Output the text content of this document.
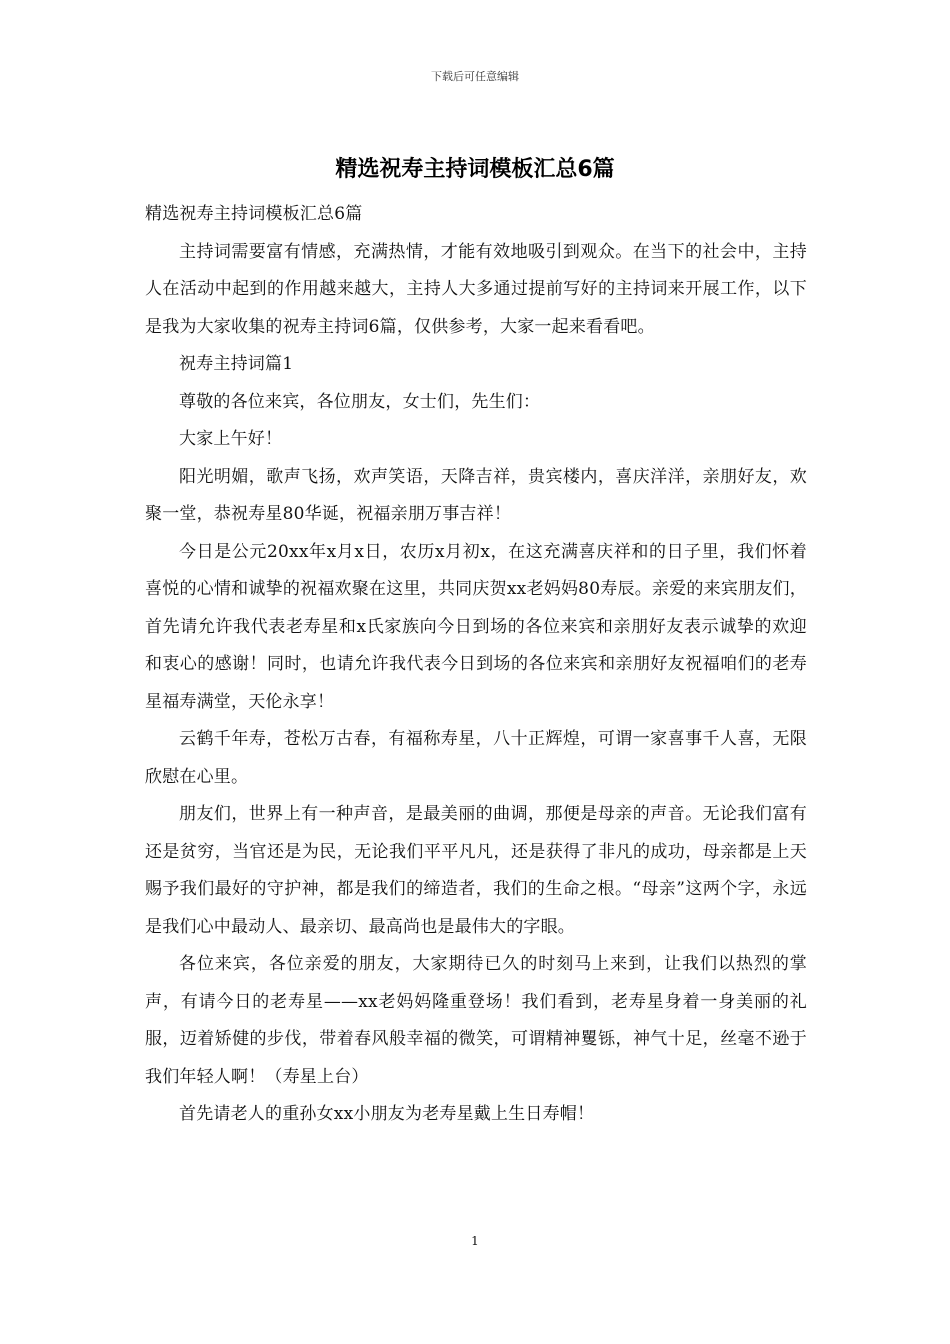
下载后可任意编辑
精选祝寿主持词模板汇总6篇

精选祝寿主持词模板汇总6篇

主持词需要富有情感，充满热情，才能有效地吸引到观众。在当下的社会中，主持人在活动中起到的作用越来越大，主持人大多通过提前写好的主持词来开展工作，以下是我为大家收集的祝寿主持词6篇，仅供参考，大家一起来看看吧。

祝寿主持词篇1

尊敬的各位来宾，各位朋友，女士们，先生们：

大家上午好！

阳光明媚，歌声飞扬，欢声笑语，天降吉祥，贵宾楼内，喜庆洋洋，亲朋好友，欢聚一堂，恭祝寿星80华诞，祝福亲朋万事吉祥！

今日是公元20xx年x月x日，农历x月初x，在这充满喜庆祥和的日子里，我们怀着喜悦的心情和诚挚的祝福欢聚在这里，共同庆贺xx老妈妈80寿辰。亲爱的来宾朋友们，首先请允许我代表老寿星和x氏家族向今日到场的各位来宾和亲朋好友表示诚挚的欢迎和衷心的感谢！同时，也请允许我代表今日到场的各位来宾和亲朋好友祝福咱们的老寿星福寿满堂，天伦永享！

云鹤千年寿，苍松万古春，有福称寿星，八十正辉煌，可谓一家喜事千人喜，无限欣慰在心里。

朋友们，世界上有一种声音，是最美丽的曲调，那便是母亲的声音。无论我们富有还是贫穷，当官还是为民，无论我们平平凡凡，还是获得了非凡的成功，母亲都是上天赐予我们最好的守护神，都是我们的缔造者，我们的生命之根。“母亲”这两个字，永远是我们心中最动人、最亲切、最高尚也是最伟大的字眼。

各位来宾，各位亲爱的朋友，大家期待已久的时刻马上来到，让我们以热烈的掌声，有请今日的老寿星——xx老妈妈隆重登场！我们看到，老寿星身着一身美丽的礼服，迈着矫健的步伐，带着春风般幸福的微笑，可谓精神矍铄，神气十足，丝毫不逊于我们年轻人啊！（寿星上台）

首先请老人的重孙女xx小朋友为老寿星戴上生日寿帽！

1
